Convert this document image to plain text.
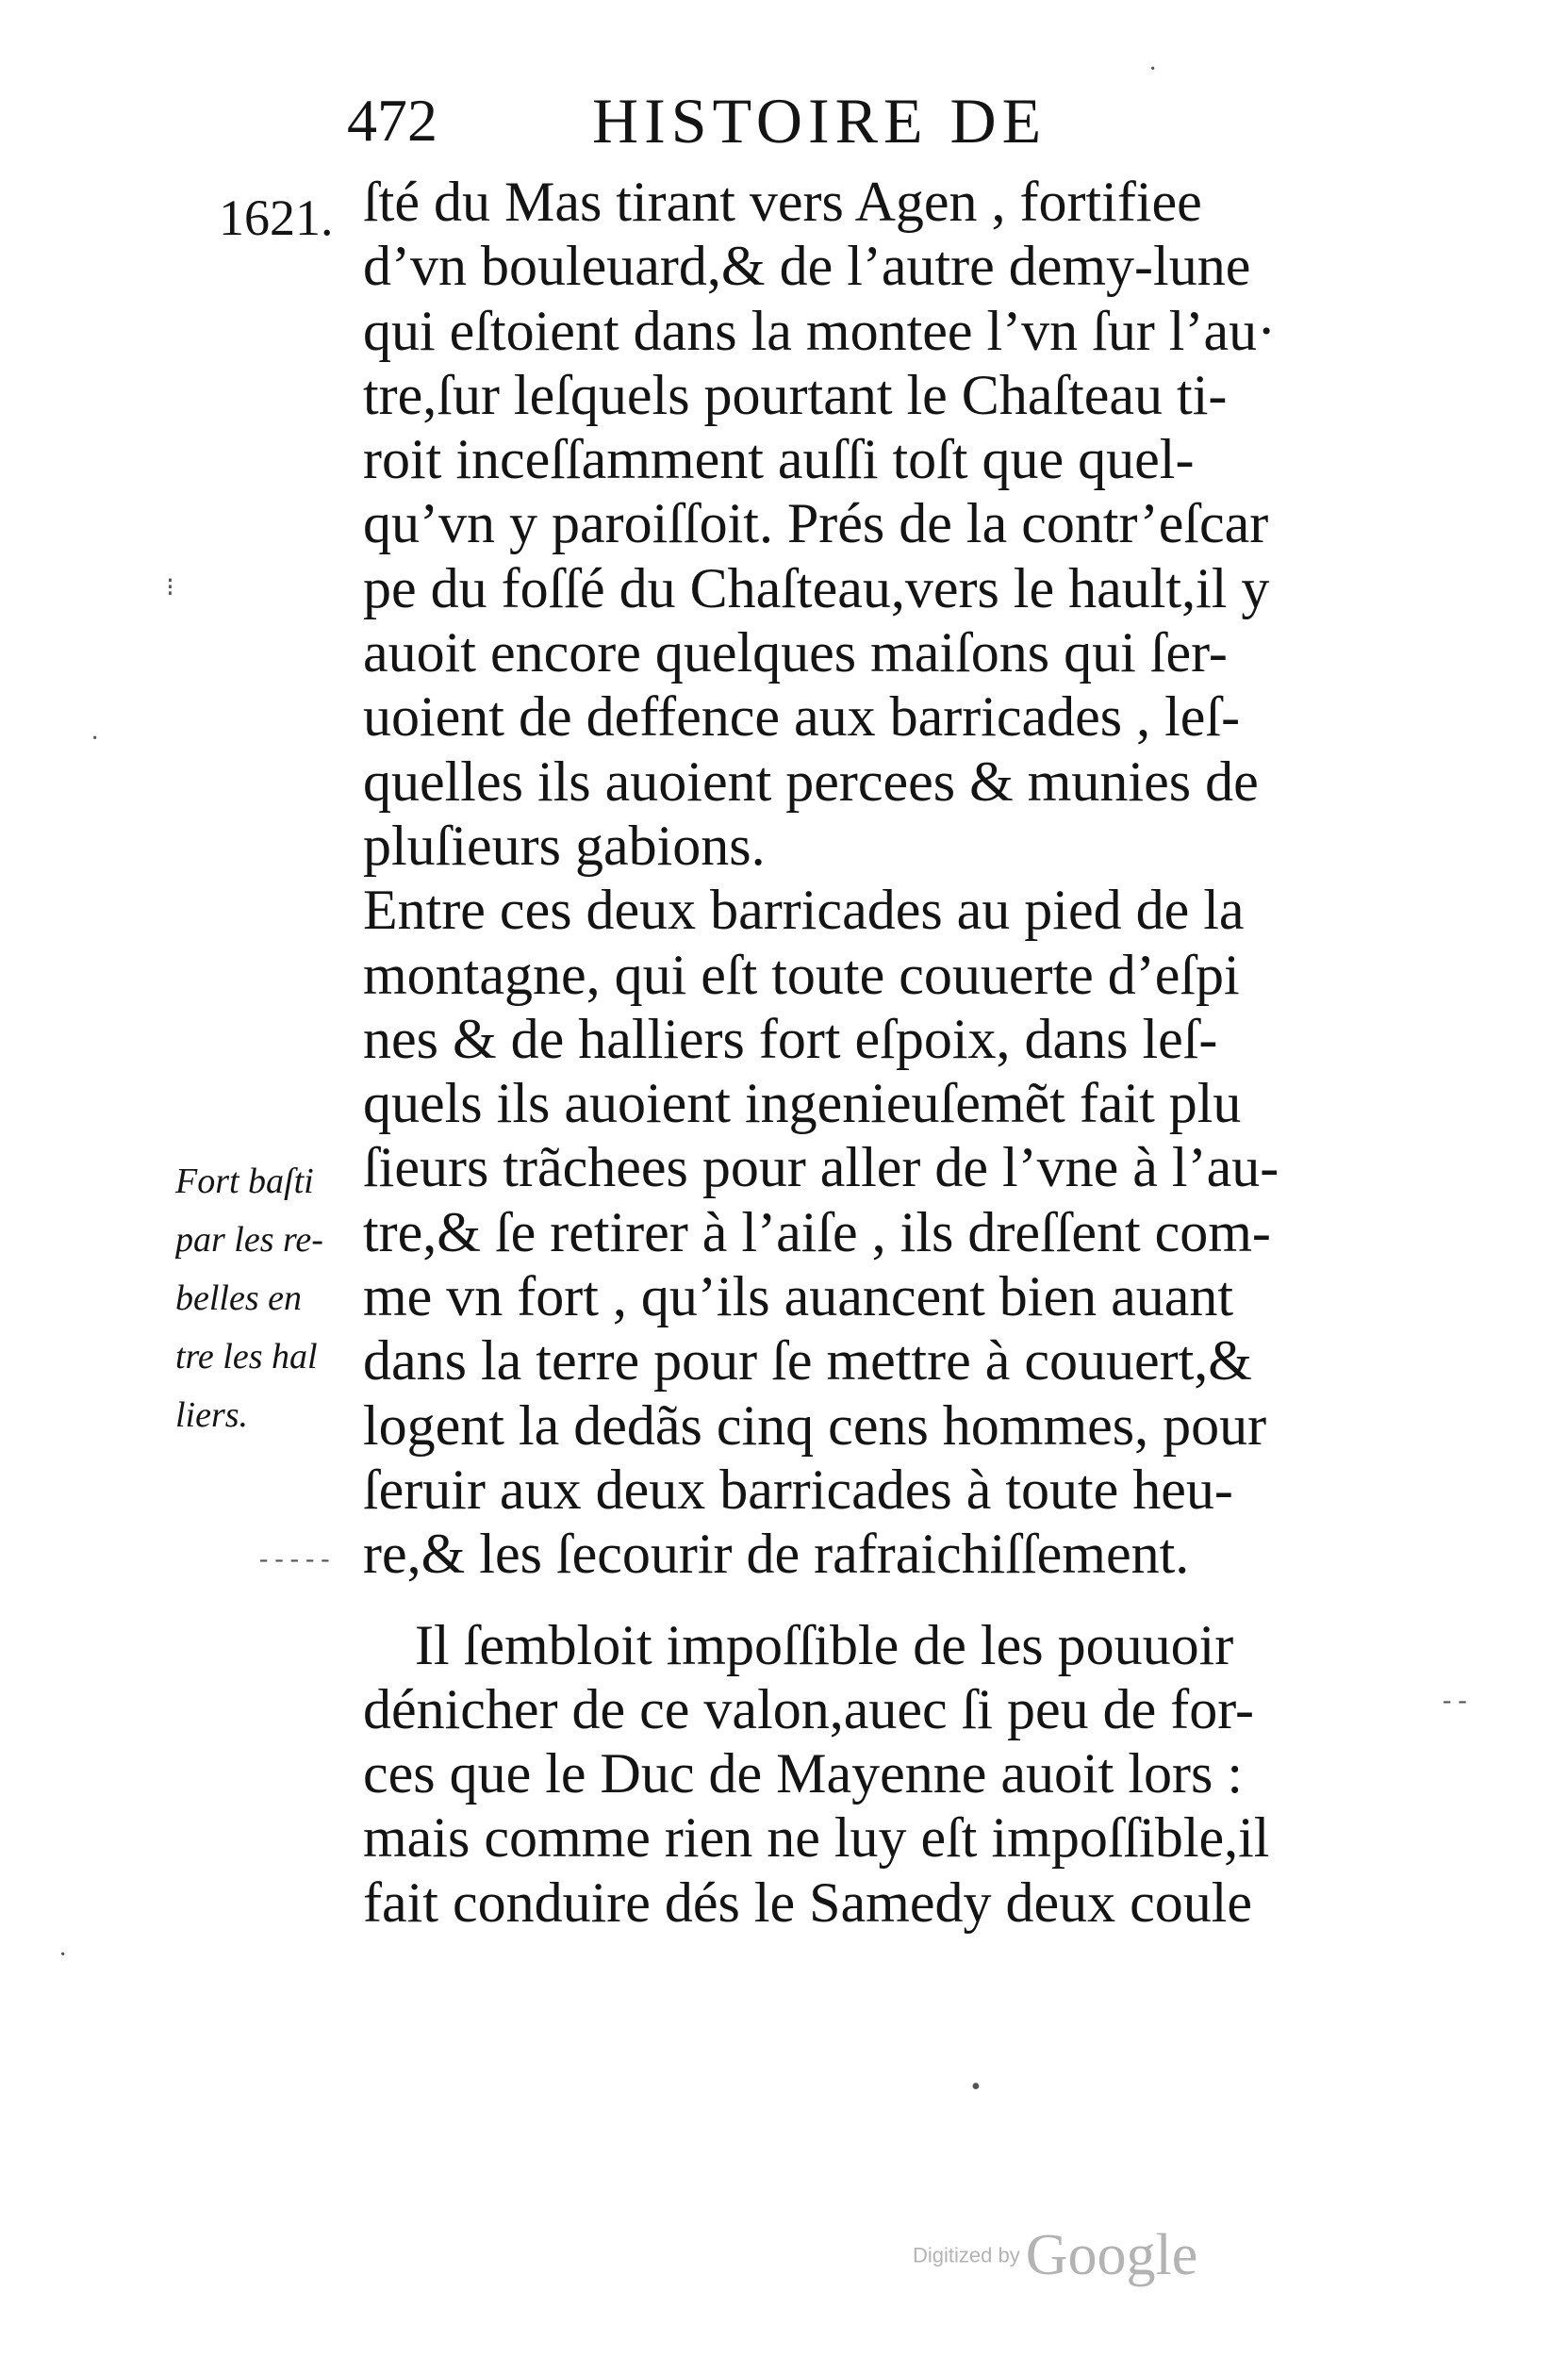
472 HISTOIRE DE
1621. ſté du Mas tirant vers Agen , fortifiee
d’vn bouleuard,& de l’autre demy-lune
qui eſtoient dans la montee l’vn ſur l’au·
tre,ſur leſquels pourtant le Chaſteau ti-
roit inceſſamment auſſi toſt que quel-
qu’vn y paroiſſoit. Prés de la contr’eſcar
pe du foſſé du Chaſteau,vers le hault,il y
auoit encore quelques maiſons qui ſer-
uoient de deffence aux barricades , leſ-
quelles ils auoient percees & munies de
pluſieurs gabions.
Entre ces deux barricades au pied de la
montagne, qui eſt toute couuerte d’eſpi
nes & de halliers fort eſpoix, dans leſ-
quels ils auoient ingenieuſemẽt fait plu
ſieurs trãchees pour aller de l’vne à l’au-
tre,& ſe retirer à l’aiſe , ils dreſſent com-
me vn fort , qu’ils auancent bien auant
dans la terre pour ſe mettre à couuert,&
logent la dedãs cinq cens hommes, pour
ſeruir aux deux barricades à toute heu-
re,& les ſecourir de rafraichiſſement.
Il ſembloit impoſſible de les pouuoir
dénicher de ce valon,auec ſi peu de for-
ces que le Duc de Mayenne auoit lors :
mais comme rien ne luy eſt impoſſible,il
fait conduire dés le Samedy deux coule
Fort baſti
par les re-
belles en
tre les hal
liers.
·
⁝
·
- - - - -
- -
·
•
Digitized byGoogle
